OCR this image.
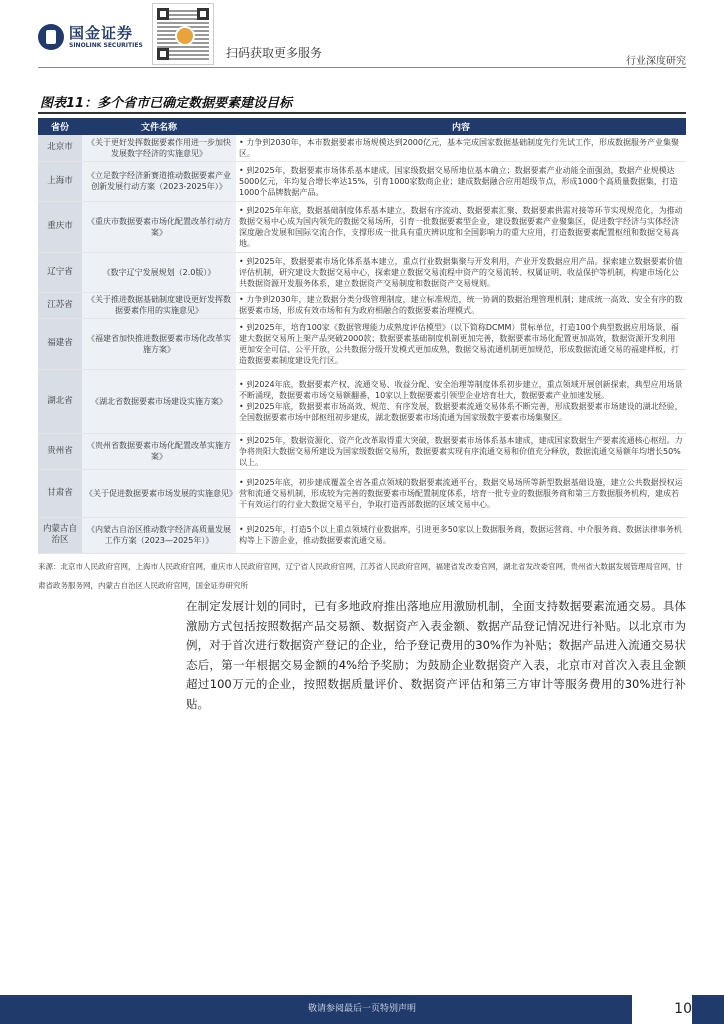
国金证券
SINOLINK SECURITIES
扫码获取更多服务
行业深度研究
图表11：多个省市已确定数据要素建设目标
省份	文件名称	内容
北京市	《关于更好发挥数据要素作用进一步加快发展数字经济的实施意见》	• 力争到2030年，本市数据要素市场规模达到2000亿元，基本完成国家数据基础制度先行先试工作，形成数据服务产业集聚区。
上海市	《立足数字经济新赛道推动数据要素产业创新发展行动方案（2023-2025年）》	• 到2025年，数据要素市场体系基本建成，国家级数据交易所地位基本确立；数据要素产业动能全面强劲，数据产业规模达5000亿元，年均复合增长率达15%，引育1000家数商企业；建成数据融合应用超级节点，形成1000个高质量数据集，打造1000个品牌数据产品。
重庆市	《重庆市数据要素市场化配置改革行动方案》	• 到2025年年底，数据基础制度体系基本建立，数据有序流动、数据要素汇聚、数据要素供需对接等环节实现规范化，为推动数据交易中心成为国内领先的数据交易场所，引育一批数据要素型企业，建设数据要素产业聚集区，促进数字经济与实体经济深度融合发展和国际交流合作，支撑形成一批具有重庆辨识度和全国影响力的重大应用，打造数据要素配置枢纽和数据交易高地。
辽宁省	《数字辽宁发展规划（2.0版）》	• 到2025年，数据要素市场化体系基本建立，重点行业数据集聚与开发利用，产业开发数据应用产品。探索建立数据要素价值评估机制，研究建设大数据交易中心，探索建立数据交易流程中资产的交易流转、权属证明、收益保护等机制，构建市场化公共数据资源开发服务体系，建立数据资产交易制度和数据资产交易规则。
江苏省	《关于推进数据基础制度建设更好发挥数据要素作用的实施意见》	• 力争到2030年，建立数据分类分级管理制度，建立标准规范，统一协调的数据治理管理机制；建成统一高效、安全有序的数据要素市场，形成有效市场和有为政府相融合的数据要素治理模式。
福建省	《福建省加快推进数据要素市场化改革实施方案》	• 到2025年，培育100家《数据管理能力成熟度评估模型》（以下简称DCMM）贯标单位，打造100个典型数据应用场景，福建大数据交易所上架产品突破2000款；数据要素基础制度机制更加完善，数据要素市场化配置更加高效，数据资源开发利用更加安全可信、公平开放，公共数据分级开发模式更加成熟，数据交易流通机制更加规范，形成数据流通交易的福建样板，打造数据要素制度建设先行区。
湖北省	《湖北省数据要素市场建设实施方案》	• 到2024年底，数据要素产权、流通交易、收益分配、安全治理等制度体系初步建立，重点领域开展创新探索，典型应用场景不断涌现，数据要素市场交易额翻番，10家以上数据要素引领型企业培育壮大，数据要素产业加速发展。
• 到2025年底，数据要素市场高效、规范、有序发展，数据要素流通交易体系不断完善，形成数据要素市场建设的湖北经验，全国数据要素市场中部枢纽初步建成，湖北数据要素市场流通为国家级数字要素市场集聚区。
贵州省	《贵州省数据要素市场化配置改革实施方案》	• 到2025年，数据资源化、资产化改革取得重大突破，数据要素市场体系基本建成，建成国家数据生产要素流通核心枢纽。力争将贵阳大数据交易所建设为国家级数据交易所，数据要素实现有序流通交易和价值充分释放，数据流通交易额年均增长50%以上。
甘肃省	《关于促进数据要素市场发展的实施意见》	• 到2025年底，初步建成覆盖全省各重点领域的数据要素流通平台，数据交易场所等新型数据基础设施，建立公共数据授权运营和流通交易机制，形成较为完善的数据要素市场配置制度体系，培育一批专业的数据服务商和第三方数据服务机构，建成若干有效运行的行业大数据交易平台，争取打造西部数据的区域交易中心。
内蒙古自治区	《内蒙古自治区推动数字经济高质量发展工作方案（2023—2025年）》	• 到2025年，打造5个以上重点领域行业数据库，引进更多50家以上数据服务商，数据运营商、中介服务商、数据法律事务机构等上下游企业，推动数据要素流通交易。
来源：北京市人民政府官网，上海市人民政府官网，重庆市人民政府官网，辽宁省人民政府官网，江苏省人民政府官网，福建省发改委官网，湖北省发改委官网，贵州省大数据发展管理局官网，甘肃省政务服务网，内蒙古自治区人民政府官网，国金证券研究所
在制定发展计划的同时，已有多地政府推出落地应用激励机制，全面支持数据要素流通交易。具体激励方式包括按照数据产品交易额、数据资产入表金额、数据产品登记情况进行补贴。以北京市为例，对于首次进行数据资产登记的企业，给予登记费用的30%作为补贴；数据产品进入流通交易状态后，第一年根据交易金额的4%给予奖励；为鼓励企业数据资产入表，北京市对首次入表且金额超过100万元的企业，按照数据质量评价、数据资产评估和第三方审计等服务费用的30%进行补贴。
敬请参阅最后一页特别声明	10
